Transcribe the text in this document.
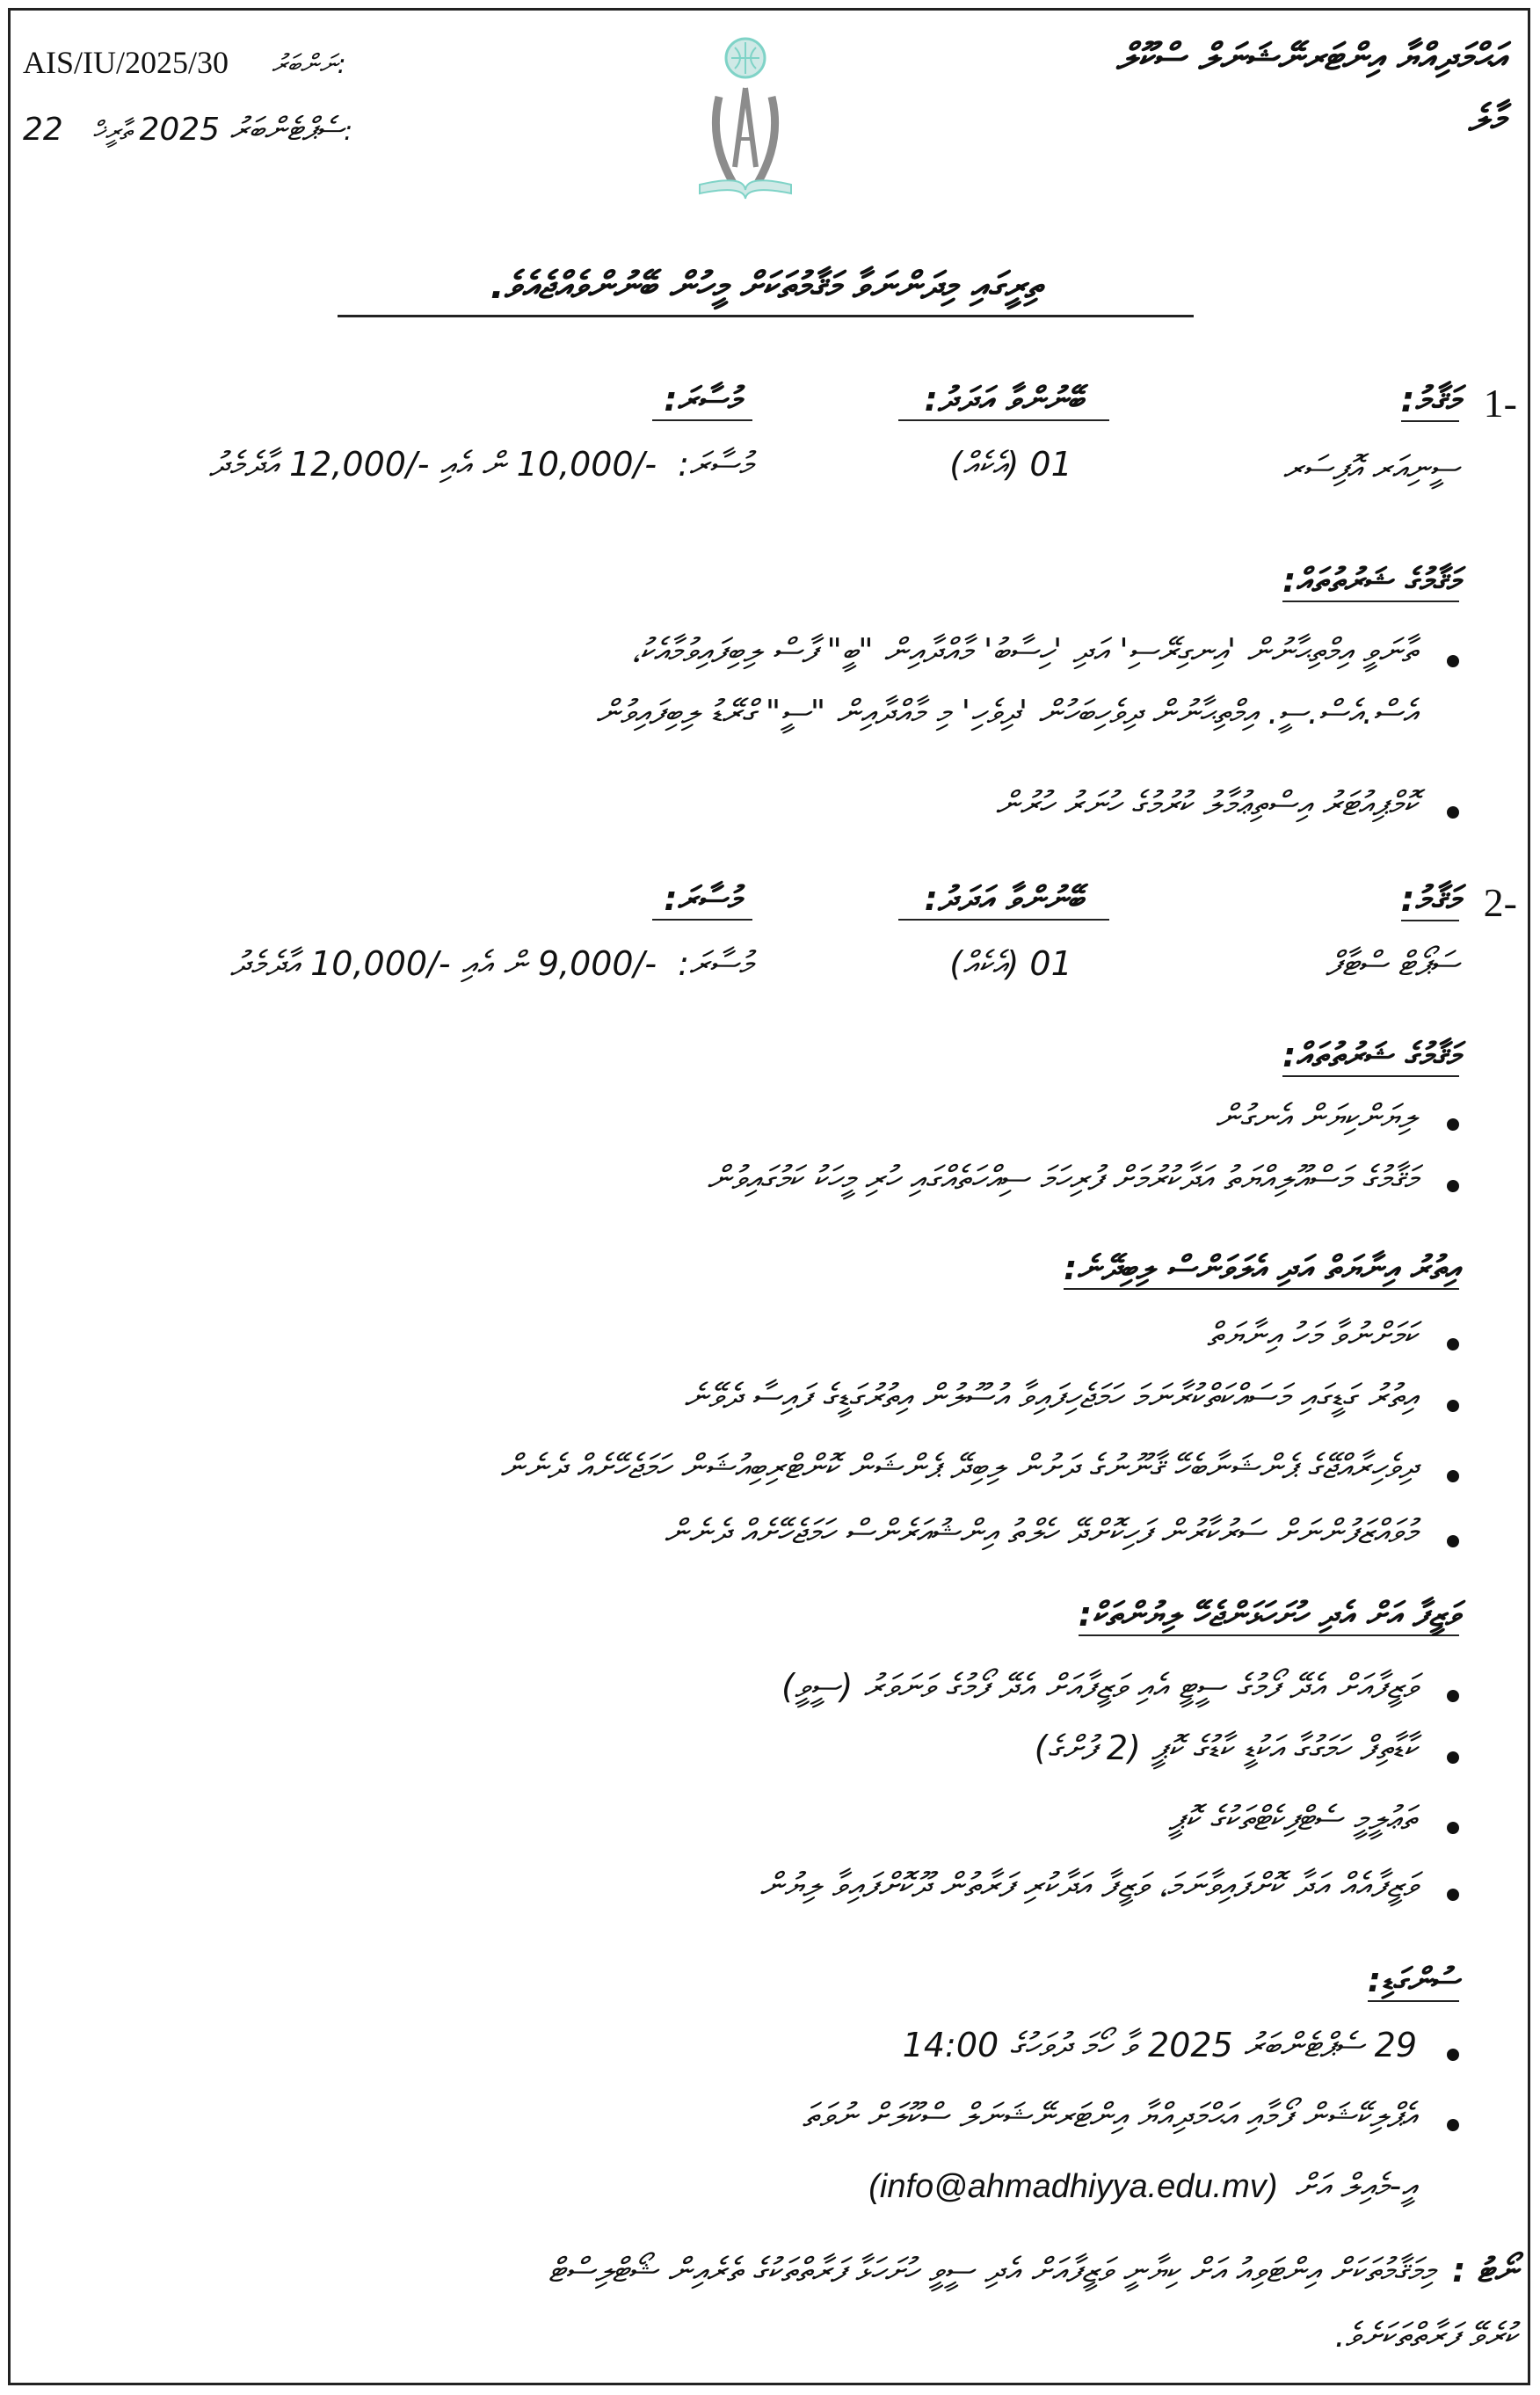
AIS/IU/2025/30 ނަންބަރު:
22 ސެޕްޓެންބަރު 2025 ތާރީޚް:
އަޙްމަދިއްޔާ އިންޓަރނޭޝަނަލް ސްކޫލް
މާލެ
ތިރީގައި މިދަންނަވާ މަޤާމުތަކަށް މީހުން ބޭނުންވެއްޖެއެވެ.
1-
މަޤާމު:
ބޭނުންވާ އަދަދު:
މުސާރަ:
ސީނިއަރ އޮފިސަރ
01 (އެކެއް)
މުސާރަ: -/10,000 ން އެއި -/12,000 އާދެމެދު
މަޤާމުގެ ޝަރުތުތައް:
ތާނަވީ އިމްތިޙާނުން 'އިނގިރޭސި' އަދި 'ހިސާބު' މާއްދާއިން "ބީ" ފާސް ލިބިފައިވުމާއެކު،
އެސް.އެސް.ސީ. އިމްތިޙާނުން ދިވެހިބަހުން 'ދިވެހި' މި މާއްދާއިން "ސީ" ގްރޭޑު ލިބިފައިވުން
ކޮމްޕިއުޓަރު އިސްތިޢުމާލު ކުރުމުގެ ހުނަރު ހުރުން
2-
މަޤާމު:
ބޭނުންވާ އަދަދު:
މުސާރަ:
ސަޕޯޓް ސްޓާފް
01 (އެކެއް)
މުސާރަ: -/9,000 ން އެއި -/10,000 އާދެމެދު
މަޤާމުގެ ޝަރުތުތައް:
ލިޔަންކިޔަން އެނގުން
މަޤާމުގެ މަސްއޫލިއްޔަތު އަދާކުރުމަށް ފުރިހަމަ ސިއްހަތެއްގައި ހުރި މީހަކު ކަމުގައިވުން
އިތުރު އިނާޔަތް އަދި އެލަވަންސް ލިބިދޭނެ:
ކަމަށްނުވާ މަހު އިނާޔަތް
އިތުރު ގަޑީގައި މަސައްކަތްކުރާނަމަ ހަމަޖެހިފައިވާ އުސޫލުން އިތުރުގަޑީގެ ފައިސާ ދެވޭނެ
ދިވެހިރާއްޖޭގެ ޕެންޝަނާބެހޭ ޤާނޫނުގެ ދަށުން ލިބިދޭ ޕެންޝަން ކޮންޓްރިބިއުޝަން ހަމަޖެހޭށެއް ދެނެން
މުވައްޒަފުންނަށް ސަރުކާރުން ފަހިކޮށްދޭ ހެލްތު އިންޝުއަރެންސް ހަމަޖެހޭށެއް ދެނެން
ވަޒީފާ އަށް އެދި ހުށަހަޅަންޖެހޭ ލިޔުންތަކް:
ވަޒީފާއަށް އެދޭ ފޯމުގެ ސީޓީ އެއި ވަޒީފާއަށް އެދޭ ފޯމުގެ ވަނަވަރު (ސީވީ)
ކާޑާތިފް ހަމަގުގާ އަކުޑީ ކާޑުގެ ކޮޕީ (2 ފުށްގެ)
ތަޢުލީމީ ސެޓްފިކެޓްތަކުގެ ކޮޕީ
ވަޒީފާއެއް އަދާ ކޮށްފައިވާނަމަ، ވަޒީފާ އަދާކުރި ފަރާތުން ދޫކޮށްފައިވާ ލިޔުން
ސުންގަޑި:
29 ސެޕްޓެންބަރު 2025 ވާ ހޯމަ ދުވަހުގެ 14:00
އެޕްލިކޭޝަން ފޯމާއި އަޙްމަދިއްޔާ އިންޓަރނޭޝަނަލް ސްކޫލަށް ނުވަތަ
އީ-މެއިލް އަށް (info@ahmadhiyya.edu.mv)
ނޯޓު : މިމަޤާމުތަކަށް އިންޓަވިއު އަށް ކިޔާނީ ވަޒީފާއަށް އެދި ސީވީ ހުށަހަޅާ ފަރާތްތަކުގެ ތެރެއިން ޝޯޓްލިސްޓް
ކުރެވޭ ފަރާތްތަކަށެވެ.
